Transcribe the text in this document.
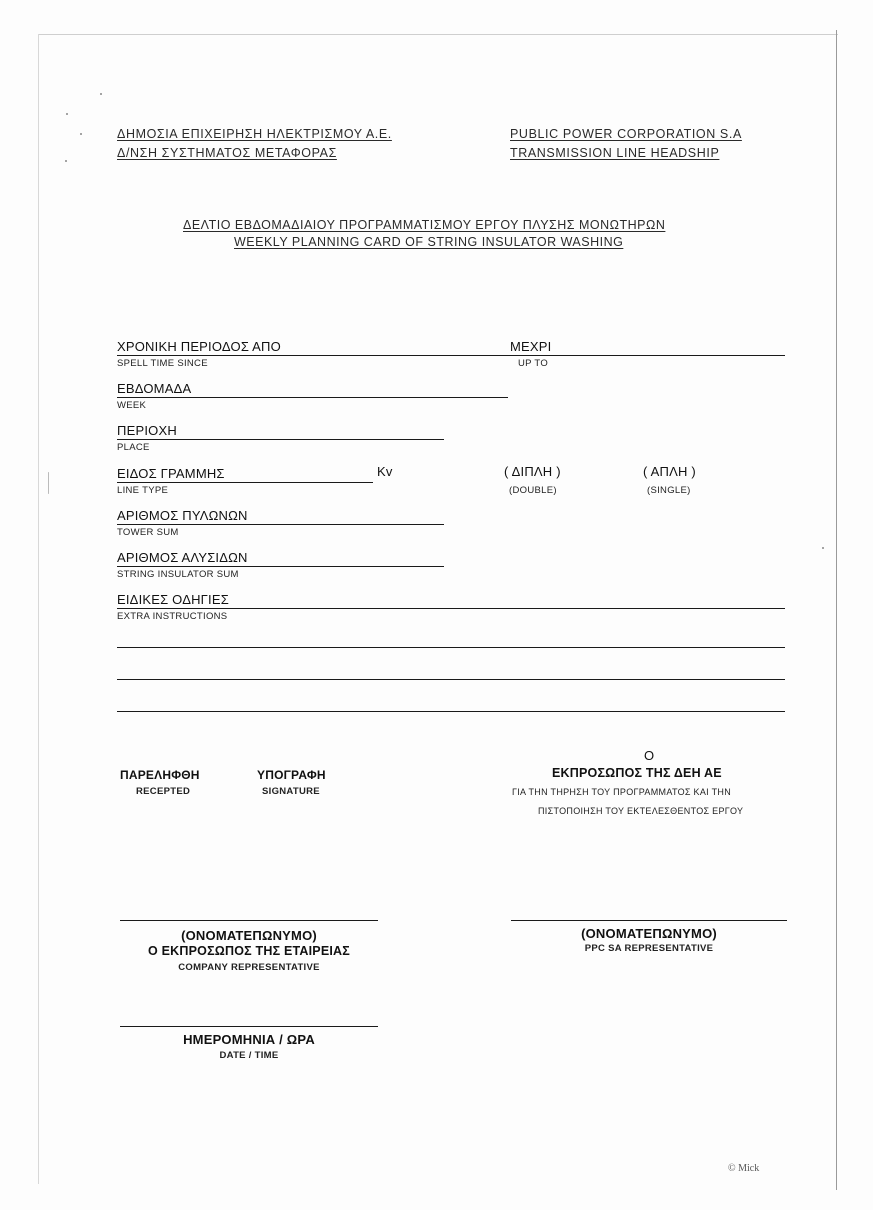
ΔΗΜΟΣΙΑ ΕΠΙΧΕΙΡΗΣΗ ΗΛΕΚΤΡΙΣΜΟΥ Α.Ε.
Δ/ΝΣΗ ΣΥΣΤΗΜΑΤΟΣ ΜΕΤΑΦΟΡΑΣ
PUBLIC POWER CORPORATION S.A
TRANSMISSION LINE HEADSHIP
ΔΕΛΤΙΟ ΕΒΔΟΜΑΔΙΑΙΟΥ ΠΡΟΓΡΑΜΜΑΤΙΣΜΟΥ ΕΡΓΟΥ ΠΛΥΣΗΣ ΜΟΝΩΤΗΡΩΝ
WEEKLY PLANNING CARD OF STRING INSULATOR WASHING
ΧΡΟΝΙΚΗ ΠΕΡΙΟΔΟΣ ΑΠΟ	ΜΕΧΡΙ
SPELL TIME SINCE	UP TO
ΕΒΔΟΜΑΔΑ
WEEK
ΠΕΡΙΟΧΗ
PLACE
ΕΙΔΟΣ ΓΡΑΜΜΗΣ	Kv
LINE TYPE
( ΔΙΠΛΗ )
(DOUBLE)
( ΑΠΛΗ )
(SINGLE)
ΑΡΙΘΜΟΣ ΠΥΛΩΝΩΝ
TOWER SUM
ΑΡΙΘΜΟΣ ΑΛΥΣΙΔΩΝ
STRING INSULATOR SUM
ΕΙΔΙΚΕΣ ΟΔΗΓΙΕΣ
EXTRA INSTRUCTIONS
ΠΑΡΕΛΗΦΘΗ
RECEPTED
ΥΠΟΓΡΑΦΗ
SIGNATURE
Ο
ΕΚΠΡΟΣΩΠΟΣ ΤΗΣ ΔΕΗ ΑΕ
ΓΙΑ ΤΗΝ ΤΗΡΗΣΗ ΤΟΥ ΠΡΟΓΡΑΜΜΑΤΟΣ ΚΑΙ ΤΗΝ
ΠΙΣΤΟΠΟΙΗΣΗ ΤΟΥ ΕΚΤΕΛΕΣΘΕΝΤΟΣ ΕΡΓΟΥ
(ΟΝΟΜΑΤΕΠΩΝΥΜΟ)
Ο ΕΚΠΡΟΣΩΠΟΣ ΤΗΣ ΕΤΑΙΡΕΙΑΣ
COMPANY REPRESENTATIVE
(ΟΝΟΜΑΤΕΠΩΝΥΜΟ)
PPC SA REPRESENTATIVE
ΗΜΕΡΟΜΗΝΙΑ / ΩΡΑ
DATE / TIME
© Mick
